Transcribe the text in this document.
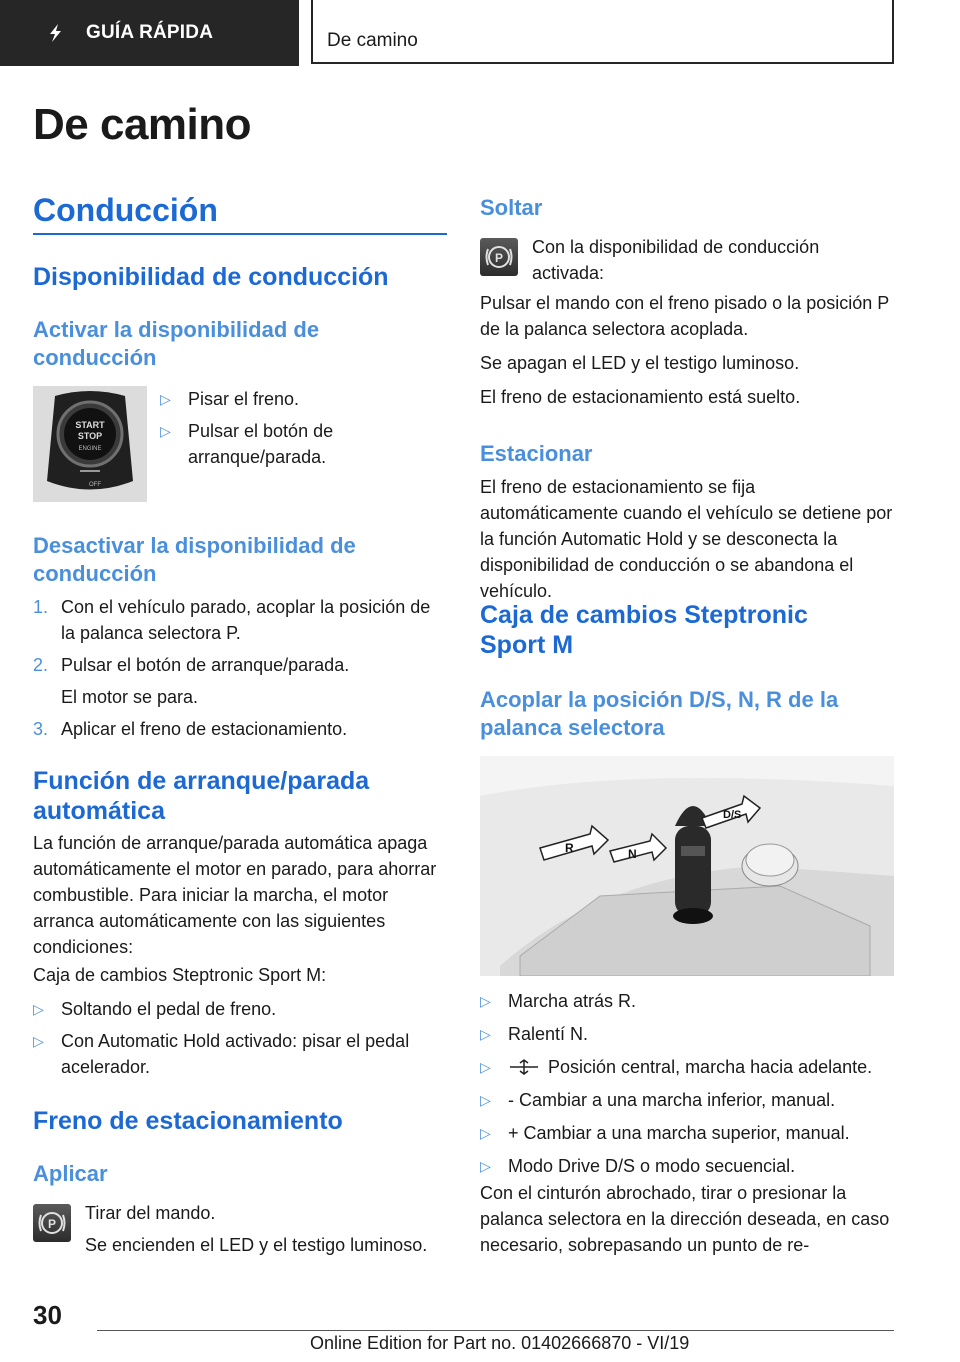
GUÍA RÁPIDA	De camino
De camino
Conducción
Disponibilidad de conducción
Activar la disponibilidad de conducción
START
STOP
ENGINE
OFF
▷ Pisar el freno.
▷ Pulsar el botón de arranque/parada.
Desactivar la disponibilidad de conducción
1. Con el vehículo parado, acoplar la posición de la palanca selectora P.
2. Pulsar el botón de arranque/parada.
El motor se para.
3. Aplicar el freno de estacionamiento.
Función de arranque/parada automática
La función de arranque/parada automática apaga automáticamente el motor en parado, para ahorrar combustible. Para iniciar la marcha, el motor arranca automáticamente con las siguientes condiciones:
Caja de cambios Steptronic Sport M:
▷ Soltando el pedal de freno.
▷ Con Automatic Hold activado: pisar el pedal acelerador.
Freno de estacionamiento
Aplicar
P
Tirar del mando.
Se encienden el LED y el testigo luminoso.
Soltar
P
Con la disponibilidad de conducción activada:
Pulsar el mando con el freno pisado o la posición P de la palanca selectora acoplada.
Se apagan el LED y el testigo luminoso.
El freno de estacionamiento está suelto.
Estacionar
El freno de estacionamiento se fija automáticamente cuando el vehículo se detiene por la función Automatic Hold y se desconecta la disponibilidad de conducción o se abandona el vehículo.
Caja de cambios Steptronic Sport M
Acoplar la posición D/S, N, R de la palanca selectora
R	N
D/S
▷ Marcha atrás R.
▷ Ralentí N.
▷	Posición central, marcha hacia adelante.
▷ - Cambiar a una marcha inferior, manual.
▷ + Cambiar a una marcha superior, manual.
▷ Modo Drive D/S o modo secuencial.
Con el cinturón abrochado, tirar o presionar la palanca selectora en la dirección deseada, en caso necesario, sobrepasando un punto de re-
30
Online Edition for Part no. 01402666870 - VI/19
